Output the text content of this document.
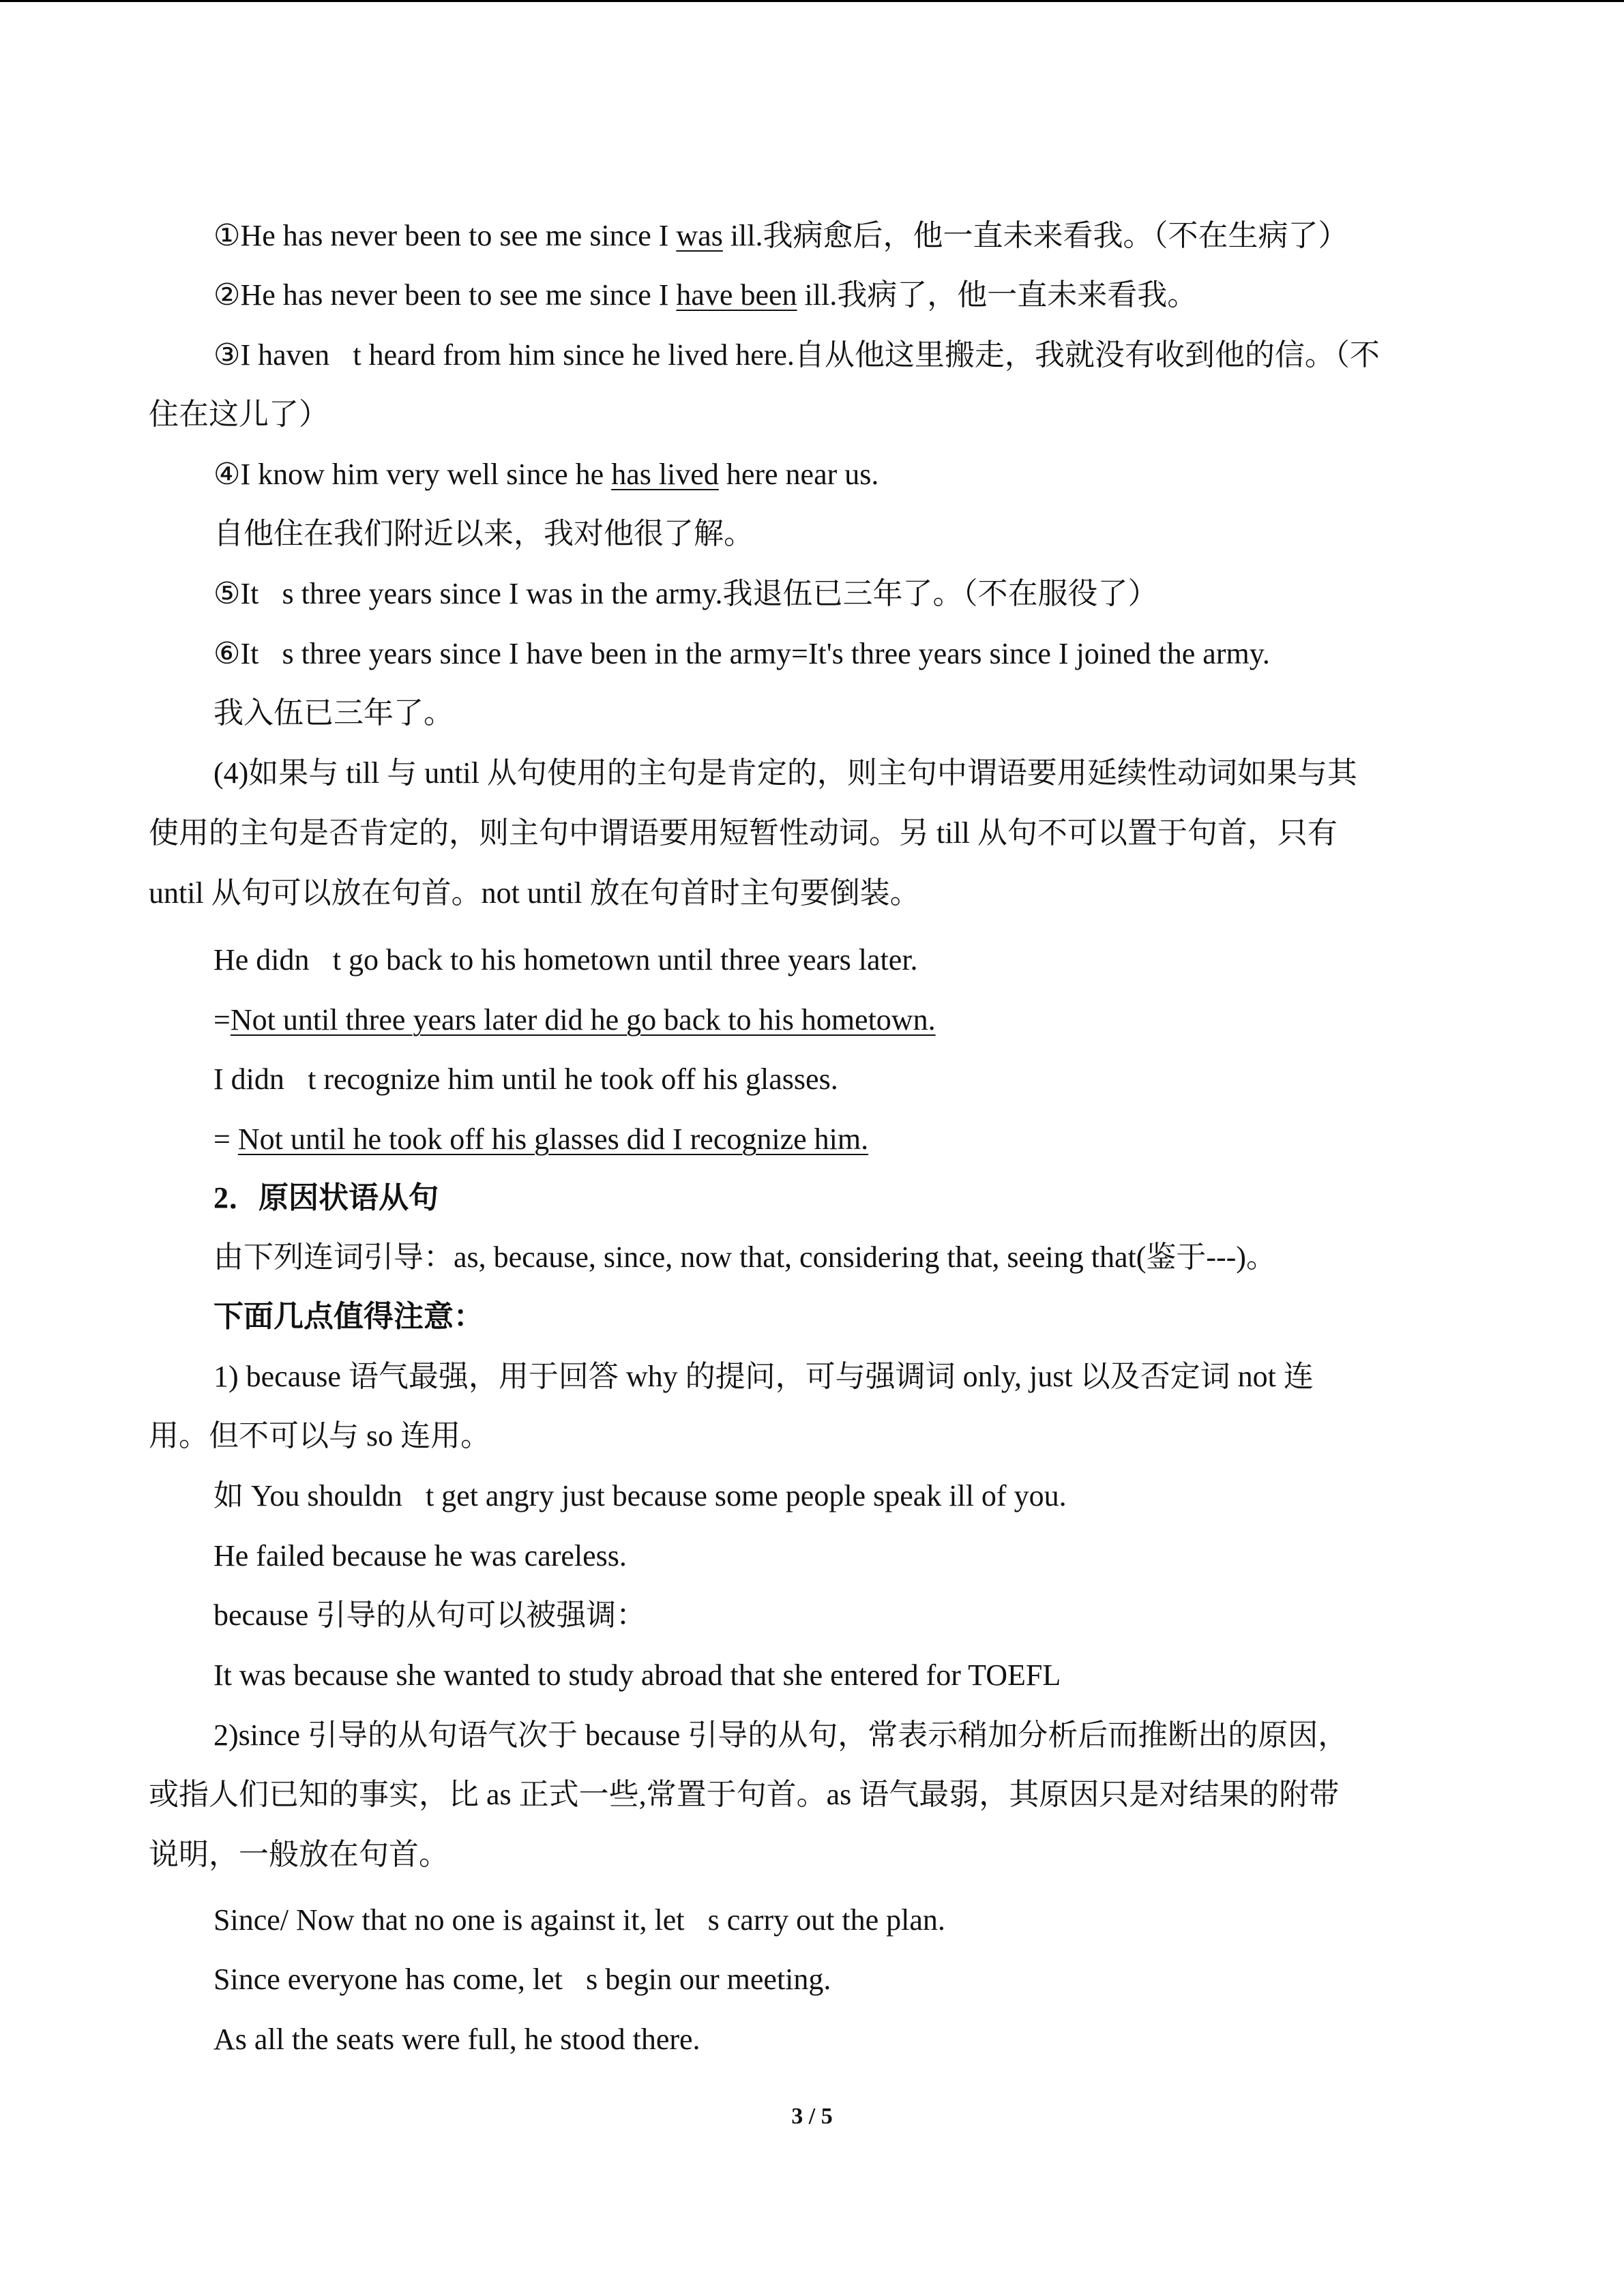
①He has never been to see me since I was ill.我病愈后，他一直未来看我。（不在生病了）
②He has never been to see me since I have been ill.我病了，他一直未来看我。
③I haven t heard from him since he lived here.自从他这里搬走，我就没有收到他的信。（不
住在这儿了）
④I know him very well since he has lived here near us.
自他住在我们附近以来，我对他很了解。
⑤It s three years since I was in the army.我退伍已三年了。（不在服役了）
⑥It s three years since I have been in the army=It's three years since I joined the army.
我入伍已三年了。
(4)如果与 till 与 until 从句使用的主句是肯定的，则主句中谓语要用延续性动词如果与其
使用的主句是否肯定的，则主句中谓语要用短暂性动词。另 till 从句不可以置于句首，只有
until 从句可以放在句首。not until 放在句首时主句要倒装。
He didn t go back to his hometown until three years later.
=Not until three years later did he go back to his hometown.
I didn t recognize him until he took off his glasses.
= Not until he took off his glasses did I recognize him.
2．原因状语从句
由下列连词引导：as, because, since, now that, considering that, seeing that(鉴于---)。
下面几点值得注意：
1) because 语气最强，用于回答 why 的提问，可与强调词 only, just 以及否定词 not 连
用。但不可以与 so 连用。
如 You shouldn t get angry just because some people speak ill of you.
He failed because he was careless.
because 引导的从句可以被强调：
It was because she wanted to study abroad that she entered for TOEFL
2)since 引导的从句语气次于 because 引导的从句，常表示稍加分析后而推断出的原因，
或指人们已知的事实，比 as 正式一些,常置于句首。as 语气最弱，其原因只是对结果的附带
说明，一般放在句首。
Since/ Now that no one is against it, let s carry out the plan.
Since everyone has come, let s begin our meeting.
As all the seats were full, he stood there.
3 / 5
